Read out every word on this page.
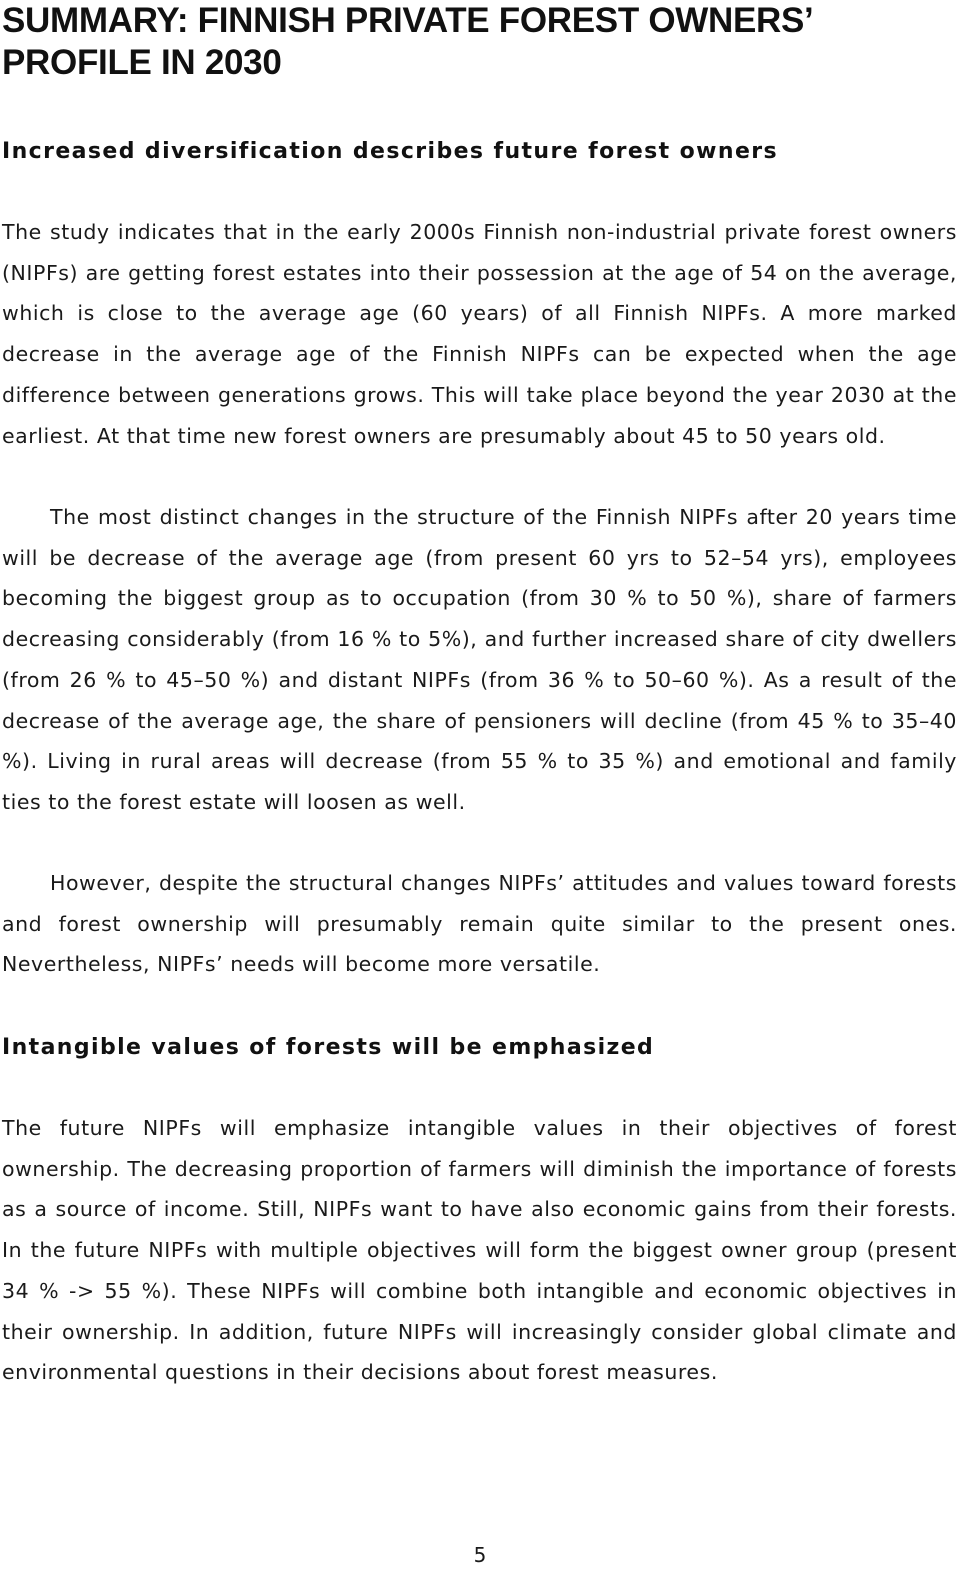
SUMMARY: FINNISH PRIVATE FOREST OWNERS’ PROFILE IN 2030
Increased diversification describes future forest owners

The study indicates that in the early 2000s Finnish non-industrial private forest owners (NIPFs) are getting forest estates into their possession at the age of 54 on the average, which is close to the average age (60 years) of all Finnish NIPFs. A more marked decrease in the average age of the Finnish NIPFs can be expected when the age difference between generations grows. This will take place beyond the year 2030 at the earliest. At that time new forest owners are presumably about 45 to 50 years old.

The most distinct changes in the structure of the Finnish NIPFs after 20 years time will be decrease of the average age (from present 60 yrs to 52–54 yrs), employees becoming the biggest group as to occupation (from 30 % to 50 %), share of farmers decreasing considerably (from 16 % to 5%), and further increased share of city dwellers (from 26 % to 45–50 %) and distant NIPFs (from 36 % to 50–60 %). As a result of the decrease of the average age, the share of pensioners will decline (from 45 % to 35–40 %). Living in rural areas will decrease (from 55 % to 35 %) and emotional and family ties to the forest estate will loosen as well.

However, despite the structural changes NIPFs’ attitudes and values toward forests and forest ownership will presumably remain quite similar to the present ones. Nevertheless, NIPFs’ needs will become more versatile.

Intangible values of forests will be emphasized

The future NIPFs will emphasize intangible values in their objectives of forest ownership. The decreasing proportion of farmers will diminish the importance of forests as a source of income. Still, NIPFs want to have also economic gains from their forests. In the future NIPFs with multiple objectives will form the biggest owner group (present 34 % -> 55 %). These NIPFs will combine both intangible and economic objectives in their ownership. In addition, future NIPFs will increasingly consider global climate and environmental questions in their decisions about forest measures.

5
